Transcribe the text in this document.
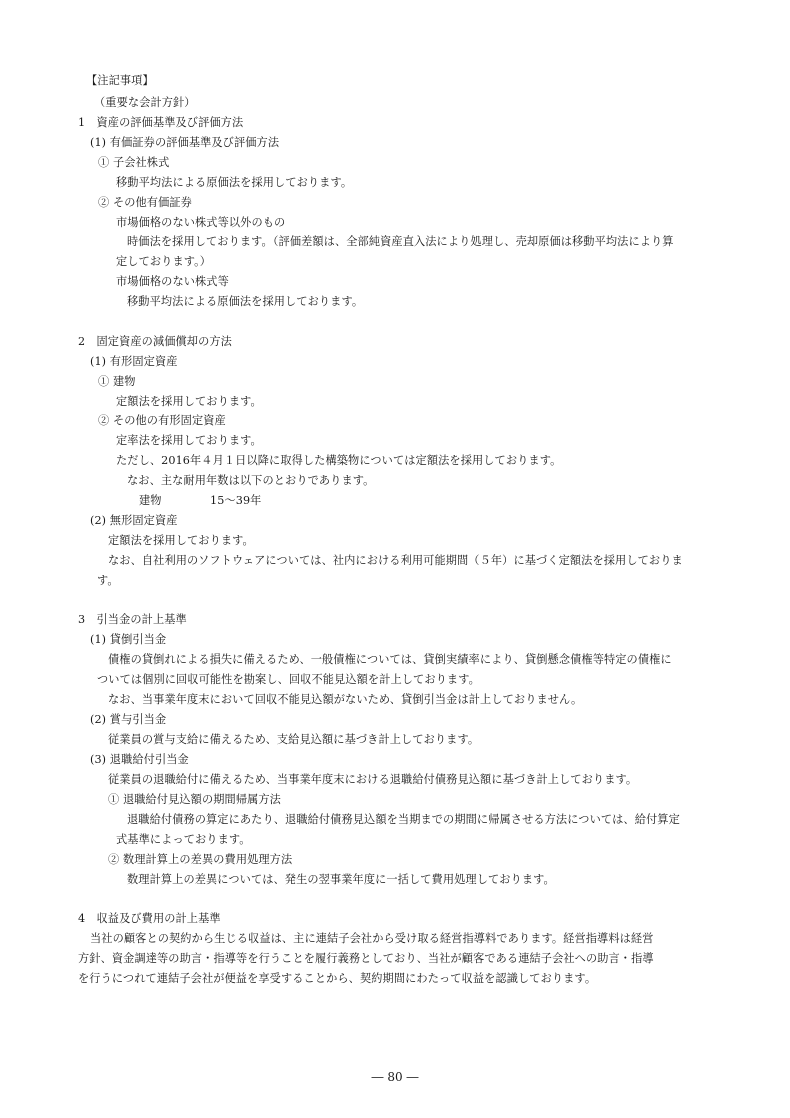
【注記事項】
（重要な会計方針）
1　資産の評価基準及び評価方法
(1) 有価証券の評価基準及び評価方法
① 子会社株式
移動平均法による原価法を採用しております。
② その他有価証券
市場価格のない株式等以外のもの
時価法を採用しております。（評価差額は、全部純資産直入法により処理し、売却原価は移動平均法により算
定しております。）
市場価格のない株式等
移動平均法による原価法を採用しております。
2　固定資産の減価償却の方法
(1) 有形固定資産
① 建物
定額法を採用しております。
② その他の有形固定資産
定率法を採用しております。
ただし、2016年４月１日以降に取得した構築物については定額法を採用しております。
なお、主な耐用年数は以下のとおりであります。
建物	15～39年
(2) 無形固定資産
定額法を採用しております。
なお、自社利用のソフトウェアについては、社内における利用可能期間（５年）に基づく定額法を採用しておりま
す。
3　引当金の計上基準
(1) 貸倒引当金
債権の貸倒れによる損失に備えるため、一般債権については、貸倒実績率により、貸倒懸念債権等特定の債権に
ついては個別に回収可能性を勘案し、回収不能見込額を計上しております。
なお、当事業年度末において回収不能見込額がないため、貸倒引当金は計上しておりません。
(2) 賞与引当金
従業員の賞与支給に備えるため、支給見込額に基づき計上しております。
(3) 退職給付引当金
従業員の退職給付に備えるため、当事業年度末における退職給付債務見込額に基づき計上しております。
① 退職給付見込額の期間帰属方法
退職給付債務の算定にあたり、退職給付債務見込額を当期までの期間に帰属させる方法については、給付算定
式基準によっております。
② 数理計算上の差異の費用処理方法
数理計算上の差異については、発生の翌事業年度に一括して費用処理しております。
4　収益及び費用の計上基準
当社の顧客との契約から生じる収益は、主に連結子会社から受け取る経営指導料であります。経営指導料は経営
方針、資金調達等の助言・指導等を行うことを履行義務としており、当社が顧客である連結子会社への助言・指導
を行うにつれて連結子会社が便益を享受することから、契約期間にわたって収益を認識しております。
― 80 ―
